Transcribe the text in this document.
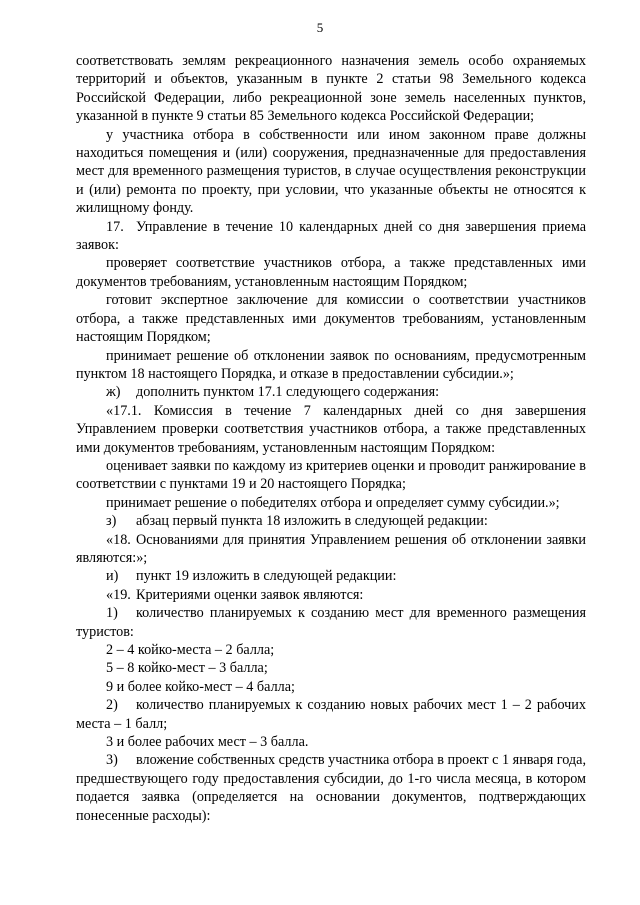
5

соответствовать землям рекреационного назначения земель особо охраняемых территорий и объектов, указанным в пункте 2 статьи 98 Земельного кодекса Российской Федерации, либо рекреационной зоне земель населенных пунктов, указанной в пункте 9 статьи 85 Земельного кодекса Российской Федерации;

у участника отбора в собственности или ином законном праве должны находиться помещения и (или) сооружения, предназначенные для предоставления мест для временного размещения туристов, в случае осуществления реконструкции и (или) ремонта по проекту, при условии, что указанные объекты не относятся к жилищному фонду.

17. Управление в течение 10 календарных дней со дня завершения приема заявок:

проверяет соответствие участников отбора, а также представленных ими документов требованиям, установленным настоящим Порядком;

готовит экспертное заключение для комиссии о соответствии участников отбора, а также представленных ими документов требованиям, установленным настоящим Порядком;

принимает решение об отклонении заявок по основаниям, предусмотренным пунктом 18 настоящего Порядка, и отказе в предоставлении субсидии.»;

ж) дополнить пунктом 17.1 следующего содержания:

«17.1. Комиссия в течение 7 календарных дней со дня завершения Управлением проверки соответствия участников отбора, а также представленных ими документов требованиям, установленным настоящим Порядком:

оценивает заявки по каждому из критериев оценки и проводит ранжирование в соответствии с пунктами 19 и 20 настоящего Порядка;

принимает решение о победителях отбора и определяет сумму субсидии.»;

з) абзац первый пункта 18 изложить в следующей редакции:

«18. Основаниями для принятия Управлением решения об отклонении заявки являются:»;

и) пункт 19 изложить в следующей редакции:

«19. Критериями оценки заявок являются:

1) количество планируемых к созданию мест для временного размещения туристов:

2 – 4 койко-места – 2 балла;

5 – 8 койко-мест – 3 балла;

9 и более койко-мест – 4 балла;

2) количество планируемых к созданию новых рабочих мест 1 – 2 рабочих места – 1 балл;

3 и более рабочих мест – 3 балла.

3) вложение собственных средств участника отбора в проект с 1 января года, предшествующего году предоставления субсидии, до 1-го числа месяца, в котором подается заявка (определяется на основании документов, подтверждающих понесенные расходы):
